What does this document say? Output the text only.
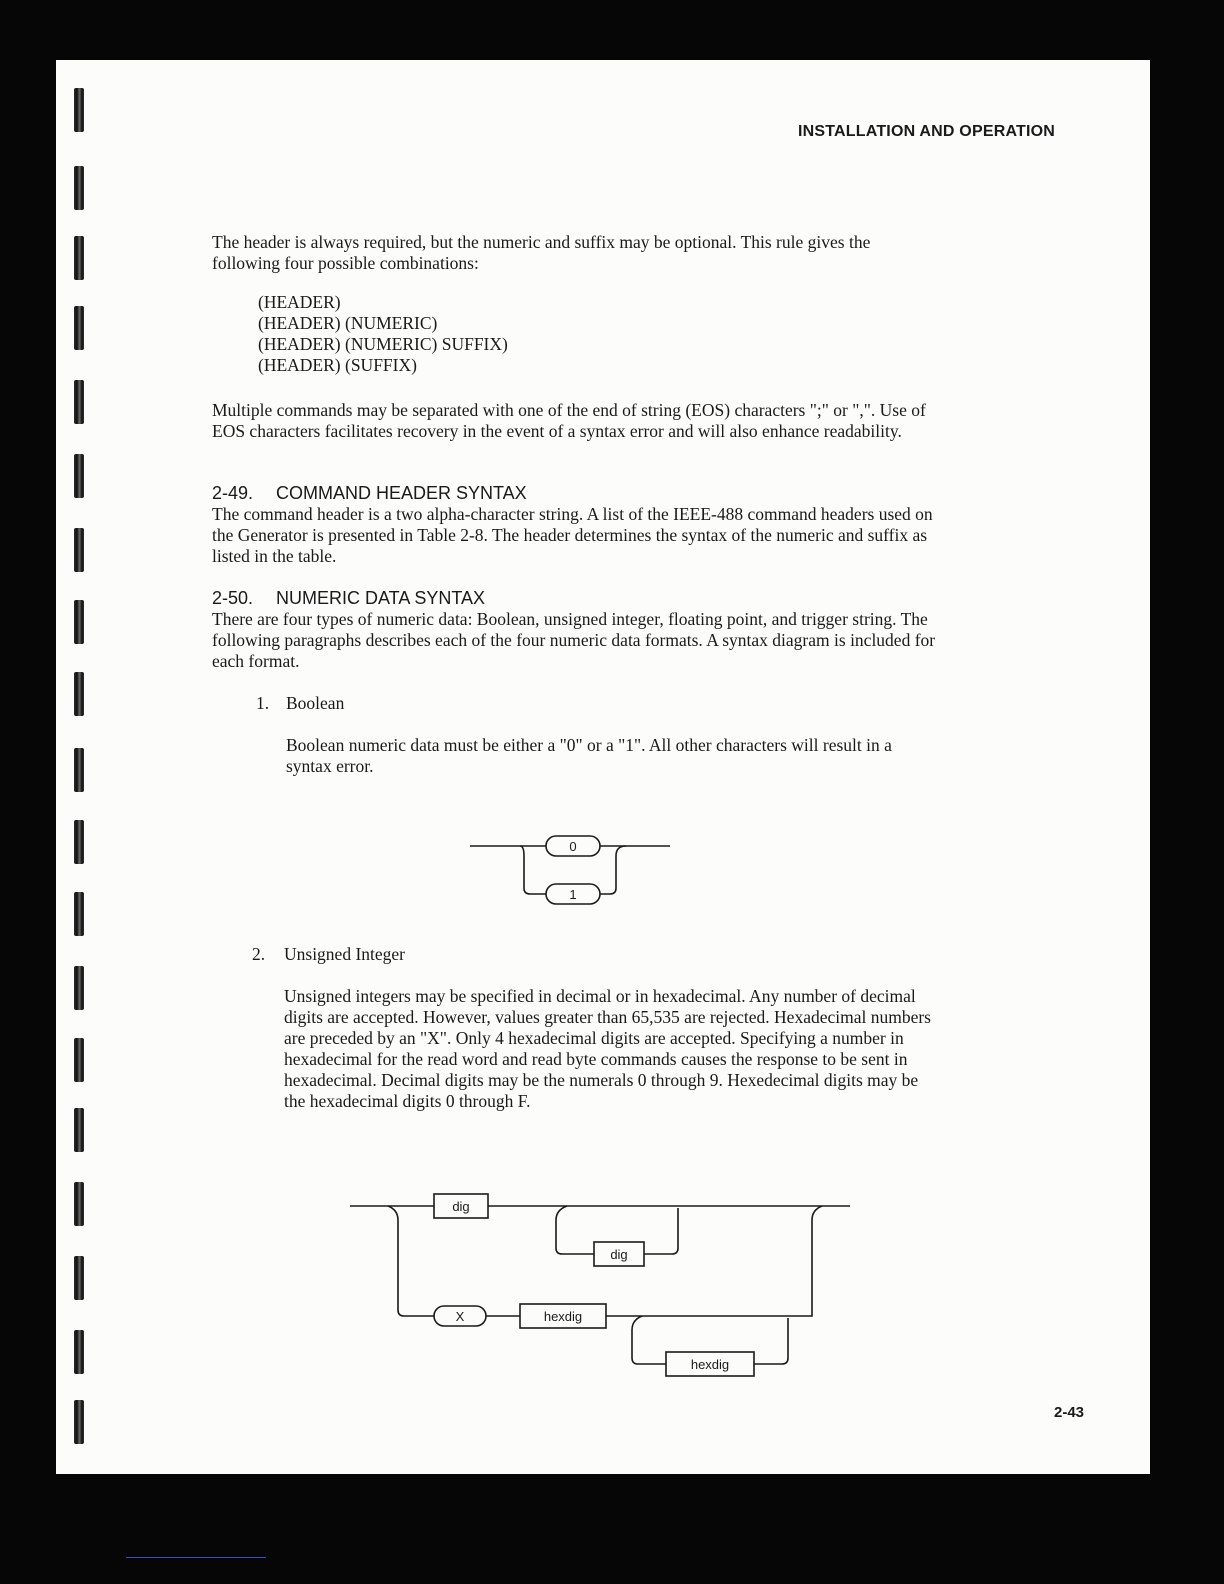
INSTALLATION AND OPERATION

The header is always required, but the numeric and suffix may be optional. This rule gives the following four possible combinations:

(HEADER)
(HEADER) (NUMERIC)
(HEADER) (NUMERIC) SUFFIX)
(HEADER) (SUFFIX)

Multiple commands may be separated with one of the end of string (EOS) characters ";" or ",". Use of EOS characters facilitates recovery in the event of a syntax error and will also enhance readability.

2-49. COMMAND HEADER SYNTAX

The command header is a two alpha-character string. A list of the IEEE-488 command headers used on the Generator is presented in Table 2-8. The header determines the syntax of the numeric and suffix as listed in the table.

2-50. NUMERIC DATA SYNTAX

There are four types of numeric data: Boolean, unsigned integer, floating point, and trigger string. The following paragraphs describes each of the four numeric data formats. A syntax diagram is included for each format.

1. Boolean

Boolean numeric data must be either a "0" or a "1". All other characters will result in a syntax error.

0
1
2. Unsigned Integer

Unsigned integers may be specified in decimal or in hexadecimal. Any number of decimal digits are accepted. However, values greater than 65,535 are rejected. Hexadecimal numbers are preceded by an "X". Only 4 hexadecimal digits are accepted. Specifying a number in hexadecimal for the read word and read byte commands causes the response to be sent in hexadecimal. Decimal digits may be the numerals 0 through 9. Hexedecimal digits may be the hexadecimal digits 0 through F.

dig
dig
X	hexdig
hexdig
2-43
